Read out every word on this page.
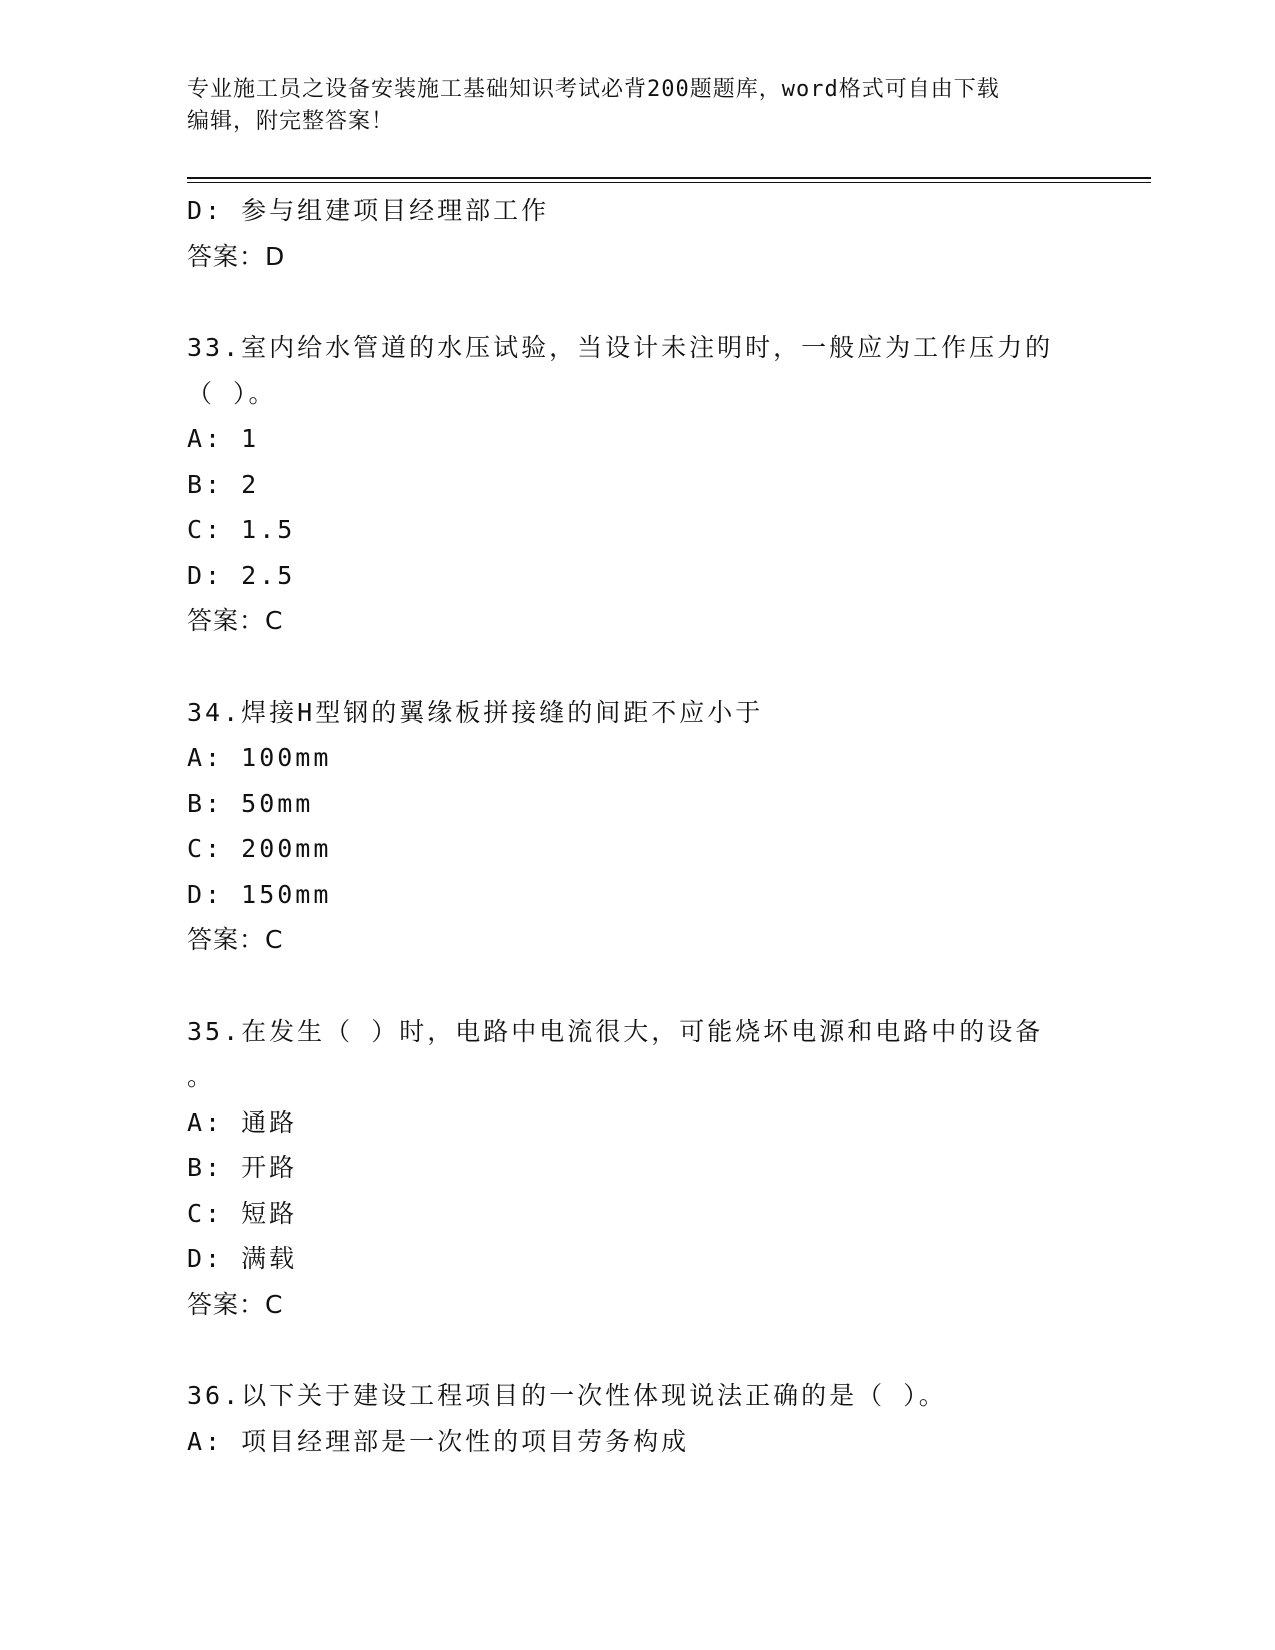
专业施工员之设备安装施工基础知识考试必背200题题库，word格式可自由下载
编辑，附完整答案！
D: 参与组建项目经理部工作
答案：D
33.室内给水管道的水压试验，当设计未注明时，一般应为工作压力的
（ ）。
A: 1
B: 2
C: 1.5
D: 2.5
答案：C
34.焊接H型钢的翼缘板拼接缝的间距不应小于
A: 100mm
B: 50mm
C: 200mm
D: 150mm
答案：C
35.在发生（ ）时，电路中电流很大，可能烧坏电源和电路中的设备
。
A: 通路
B: 开路
C: 短路
D: 满载
答案：C
36.以下关于建设工程项目的一次性体现说法正确的是（ ）。
A: 项目经理部是一次性的项目劳务构成
